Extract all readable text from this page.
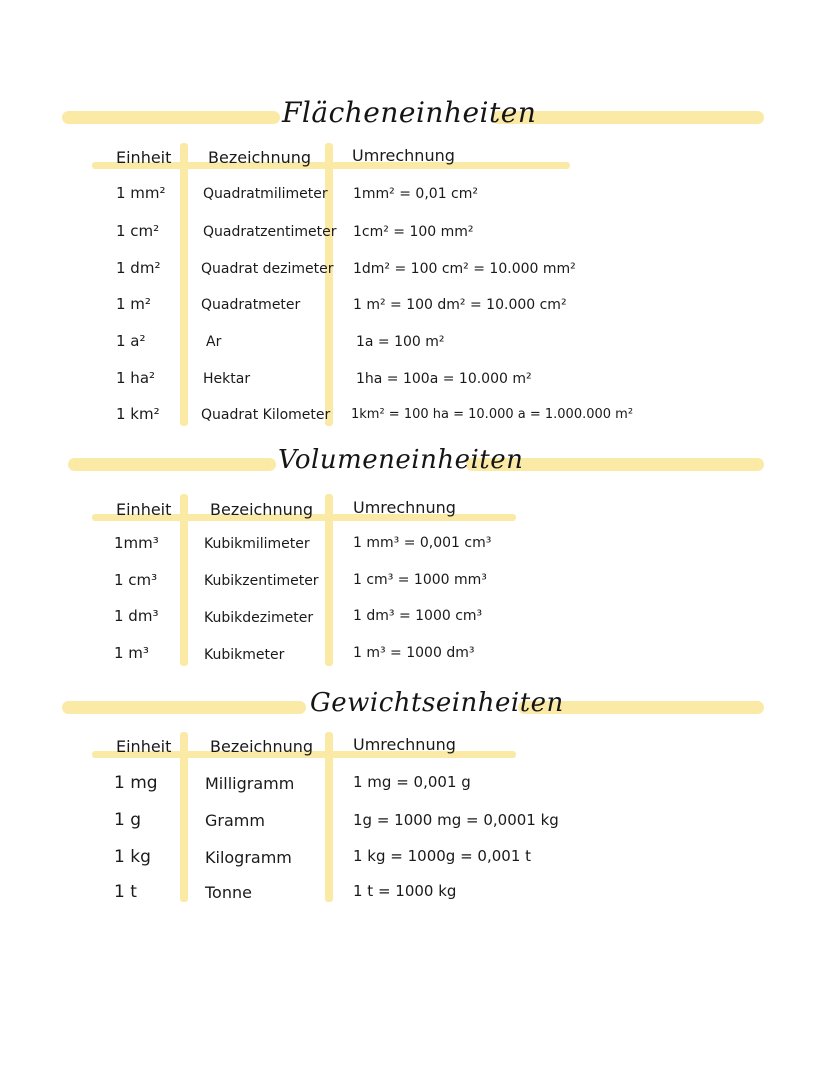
Flächeneinheiten
Einheit Bezeichnung	Umrechnung
1 mm²	Quadratmilimeter 1mm² = 0,01 cm²
1 cm²	Quadratzentimeter 1cm² = 100 mm²
1 dm²	Quadrat dezimeter 1dm² = 100 cm² = 10.000 mm²
1 m²	Quadratmeter	1 m² = 100 dm² = 10.000 cm²
1 a²	Ar	1a = 100 m²
1 ha²	Hektar	1ha = 100a = 10.000 m²
1 km²	Quadrat Kilometer 1km² = 100 ha = 10.000 a = 1.000.000 m²
Volumeneinheiten
Einheit Bezeichnung Umrechnung
1mm³	Kubikmilimeter	1 mm³ = 0,001 cm³
1 cm³	Kubikzentimeter 1 cm³ = 1000 mm³
1 dm³	Kubikdezimeter	1 dm³ = 1000 cm³
1 m³	Kubikmeter	1 m³ = 1000 dm³
Gewichtseinheiten
Einheit Bezeichnung Umrechnung
1 mg	Milligramm	1 mg = 0,001 g
1 g	Gramm	1g = 1000 mg = 0,0001 kg
1 kg	Kilogramm	1 kg = 1000g = 0,001 t
1 t	Tonne	1 t = 1000 kg
